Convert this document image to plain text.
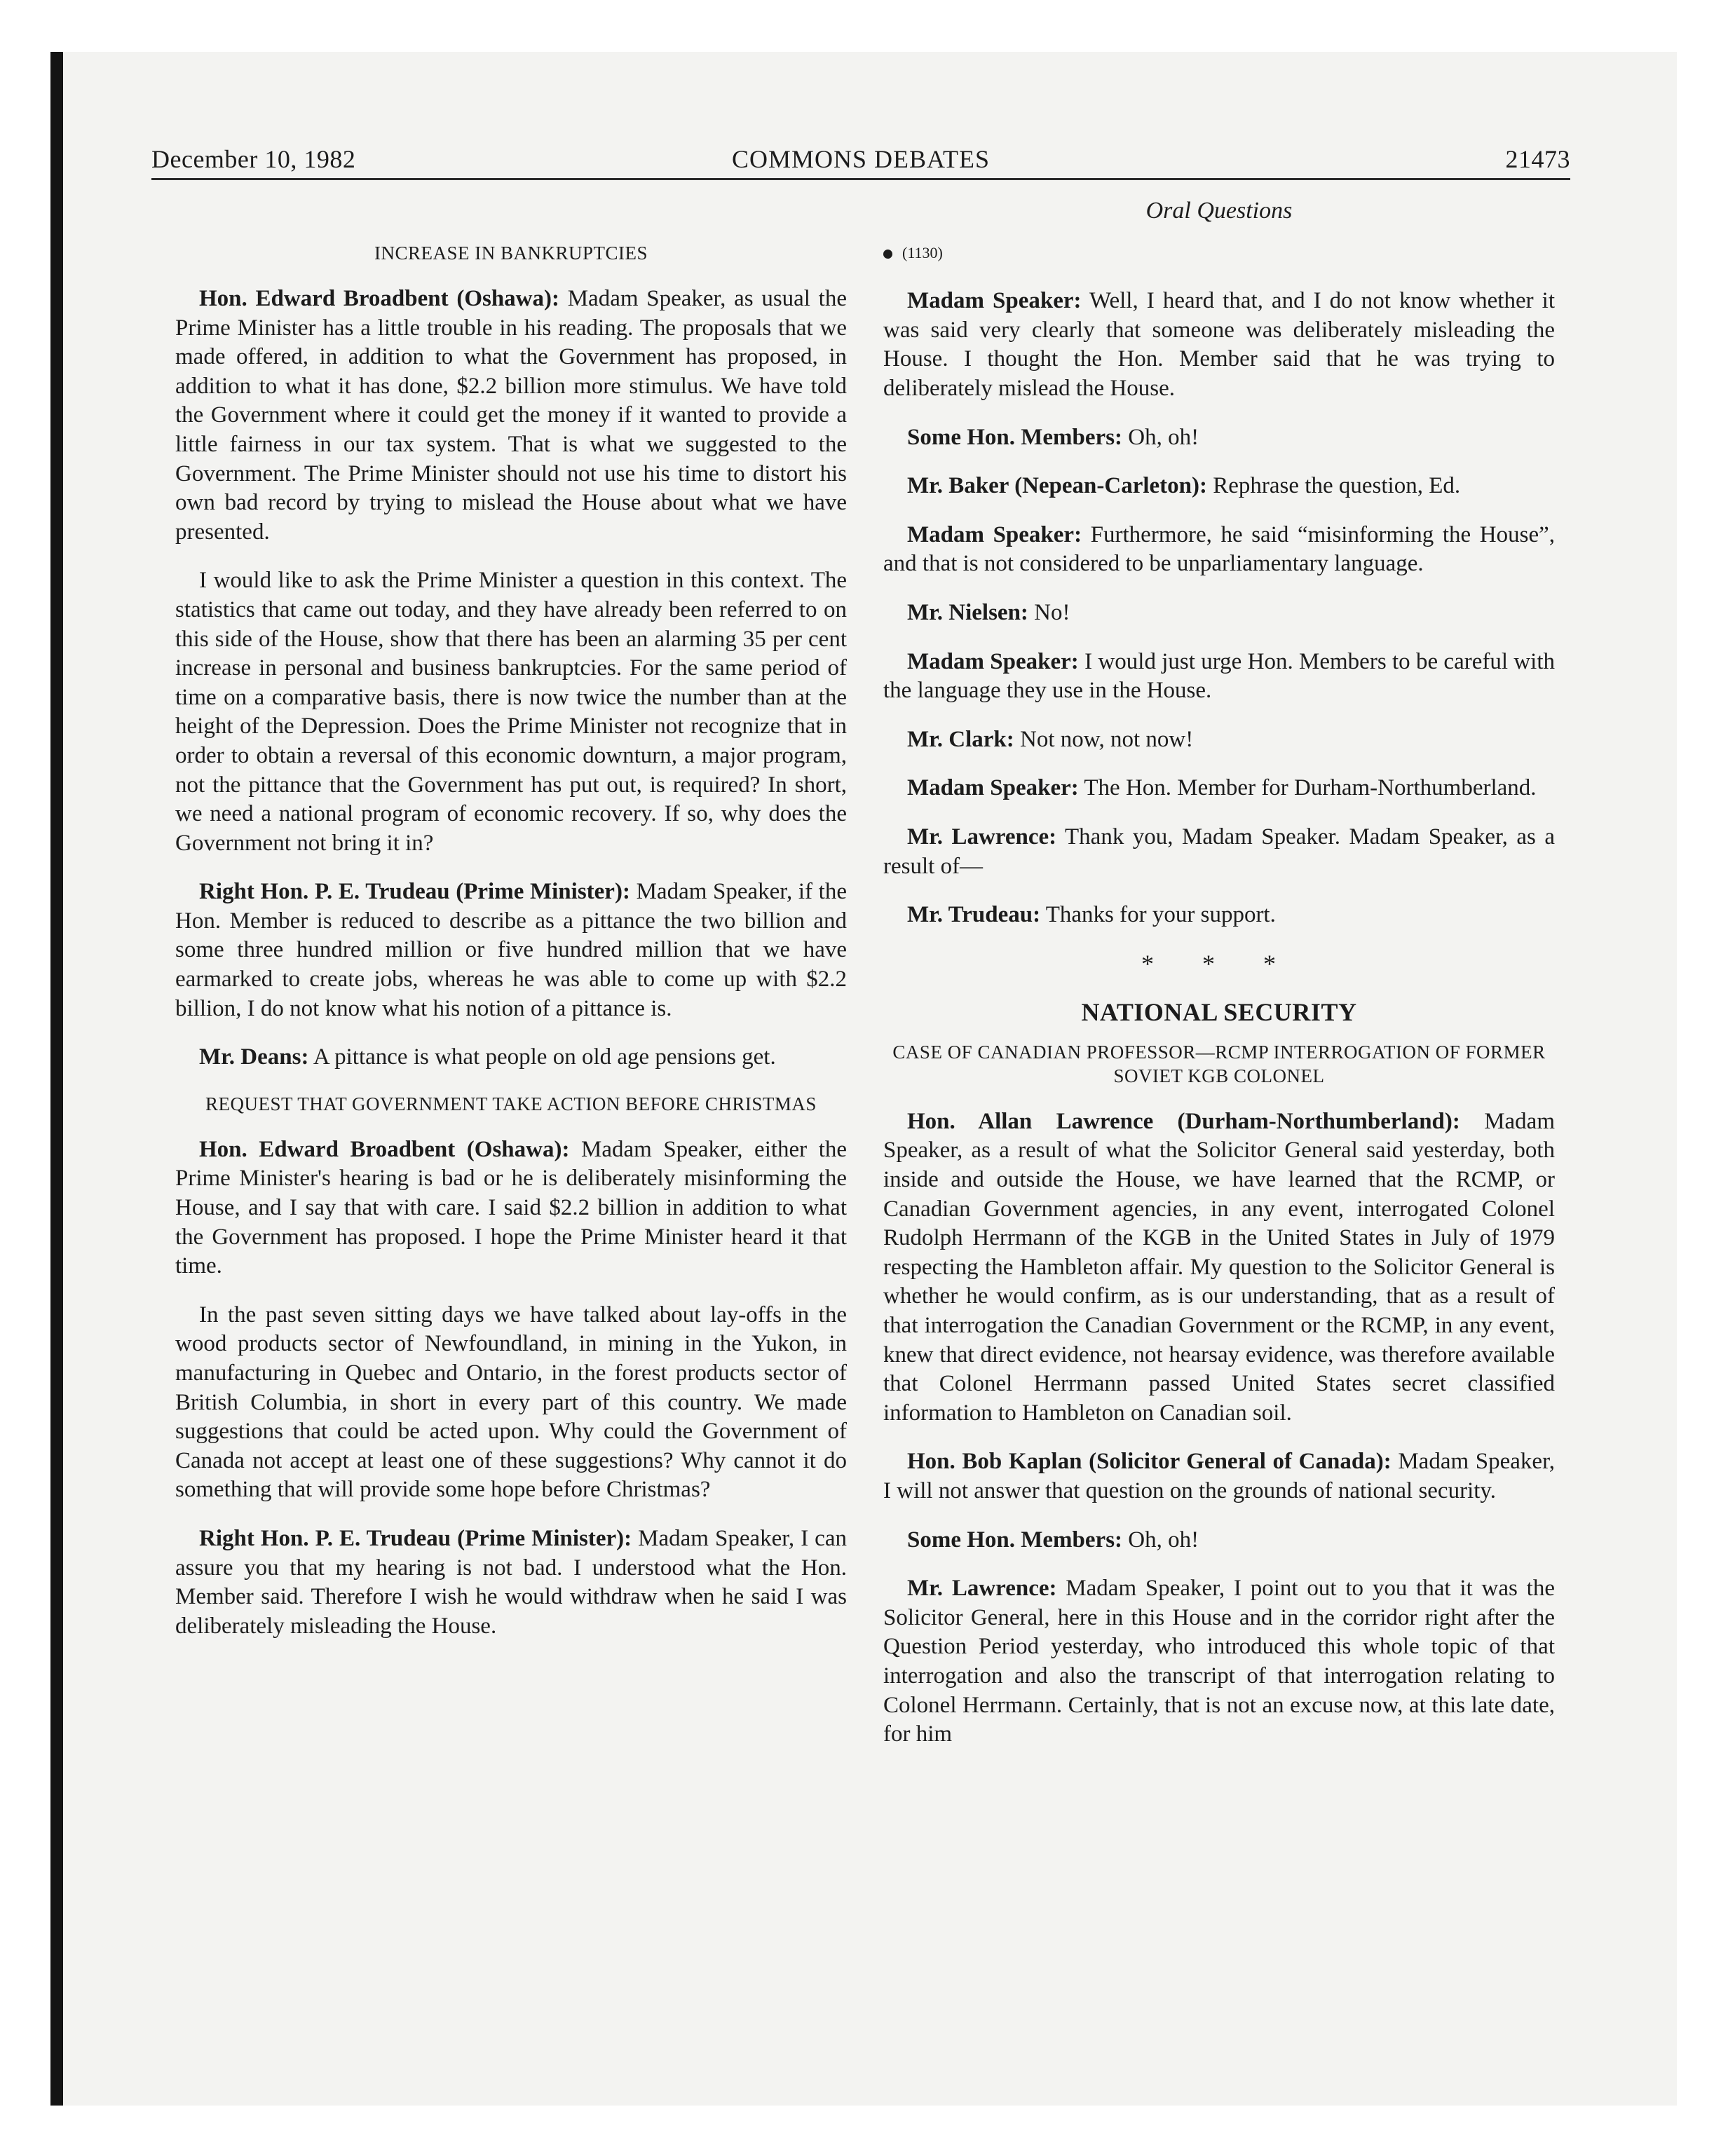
December 10, 1982	COMMONS DEBATES	21473
INCREASE IN BANKRUPTCIES

Hon. Edward Broadbent (Oshawa): Madam Speaker, as usual the Prime Minister has a little trouble in his reading. The proposals that we made offered, in addition to what the Government has proposed, in addition to what it has done, $2.2 billion more stimulus. We have told the Government where it could get the money if it wanted to provide a little fairness in our tax system. That is what we suggested to the Government. The Prime Minister should not use his time to distort his own bad record by trying to mislead the House about what we have presented.

I would like to ask the Prime Minister a question in this context. The statistics that came out today, and they have already been referred to on this side of the House, show that there has been an alarming 35 per cent increase in personal and business bankruptcies. For the same period of time on a comparative basis, there is now twice the number than at the height of the Depression. Does the Prime Minister not recognize that in order to obtain a reversal of this economic downturn, a major program, not the pittance that the Government has put out, is required? In short, we need a national program of economic recovery. If so, why does the Government not bring it in?

Right Hon. P. E. Trudeau (Prime Minister): Madam Speaker, if the Hon. Member is reduced to describe as a pittance the two billion and some three hundred million or five hundred million that we have earmarked to create jobs, whereas he was able to come up with $2.2 billion, I do not know what his notion of a pittance is.

Mr. Deans: A pittance is what people on old age pensions get.

REQUEST THAT GOVERNMENT TAKE ACTION BEFORE CHRISTMAS

Hon. Edward Broadbent (Oshawa): Madam Speaker, either the Prime Minister's hearing is bad or he is deliberately misinforming the House, and I say that with care. I said $2.2 billion in addition to what the Government has proposed. I hope the Prime Minister heard it that time.

In the past seven sitting days we have talked about lay-offs in the wood products sector of Newfoundland, in mining in the Yukon, in manufacturing in Quebec and Ontario, in the forest products sector of British Columbia, in short in every part of this country. We made suggestions that could be acted upon. Why could the Government of Canada not accept at least one of these suggestions? Why cannot it do something that will provide some hope before Christmas?

Right Hon. P. E. Trudeau (Prime Minister): Madam Speaker, I can assure you that my hearing is not bad. I understood what the Hon. Member said. Therefore I wish he would withdraw when he said I was deliberately misleading the House.

Oral Questions

(1130)

Madam Speaker: Well, I heard that, and I do not know whether it was said very clearly that someone was deliberately misleading the House. I thought the Hon. Member said that he was trying to deliberately mislead the House.

Some Hon. Members: Oh, oh!

Mr. Baker (Nepean-Carleton): Rephrase the question, Ed.

Madam Speaker: Furthermore, he said “misinforming the House”, and that is not considered to be unparliamentary language.

Mr. Nielsen: No!

Madam Speaker: I would just urge Hon. Members to be careful with the language they use in the House.

Mr. Clark: Not now, not now!

Madam Speaker: The Hon. Member for Durham-Northumberland.

Mr. Lawrence: Thank you, Madam Speaker. Madam Speaker, as a result of—

Mr. Trudeau: Thanks for your support.

* * *
NATIONAL SECURITY
CASE OF CANADIAN PROFESSOR—RCMP INTERROGATION OF FORMER SOVIET KGB COLONEL

Hon. Allan Lawrence (Durham-Northumberland): Madam Speaker, as a result of what the Solicitor General said yesterday, both inside and outside the House, we have learned that the RCMP, or Canadian Government agencies, in any event, interrogated Colonel Rudolph Herrmann of the KGB in the United States in July of 1979 respecting the Hambleton affair. My question to the Solicitor General is whether he would confirm, as is our understanding, that as a result of that interrogation the Canadian Government or the RCMP, in any event, knew that direct evidence, not hearsay evidence, was therefore available that Colonel Herrmann passed United States secret classified information to Hambleton on Canadian soil.

Hon. Bob Kaplan (Solicitor General of Canada): Madam Speaker, I will not answer that question on the grounds of national security.

Some Hon. Members: Oh, oh!

Mr. Lawrence: Madam Speaker, I point out to you that it was the Solicitor General, here in this House and in the corridor right after the Question Period yesterday, who introduced this whole topic of that interrogation and also the transcript of that interrogation relating to Colonel Herrmann. Certainly, that is not an excuse now, at this late date, for him
